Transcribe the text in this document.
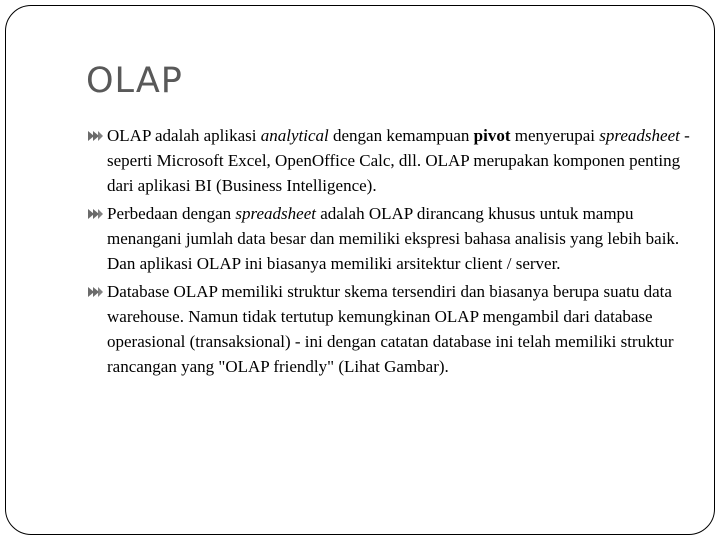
OLAP
OLAP adalah aplikasi analytical dengan kemampuan pivot menyerupai spreadsheet - seperti Microsoft Excel, OpenOffice Calc, dll. OLAP merupakan komponen penting dari aplikasi BI (Business Intelligence).
Perbedaan dengan spreadsheet adalah OLAP dirancang khusus untuk mampu menangani jumlah data besar dan memiliki ekspresi bahasa analisis yang lebih baik. Dan aplikasi OLAP ini biasanya memiliki arsitektur client / server.
Database OLAP memiliki struktur skema tersendiri dan biasanya berupa suatu data warehouse. Namun tidak tertutup kemungkinan OLAP mengambil dari database operasional (transaksional) - ini dengan catatan database ini telah memiliki struktur rancangan yang "OLAP friendly" (Lihat Gambar).
